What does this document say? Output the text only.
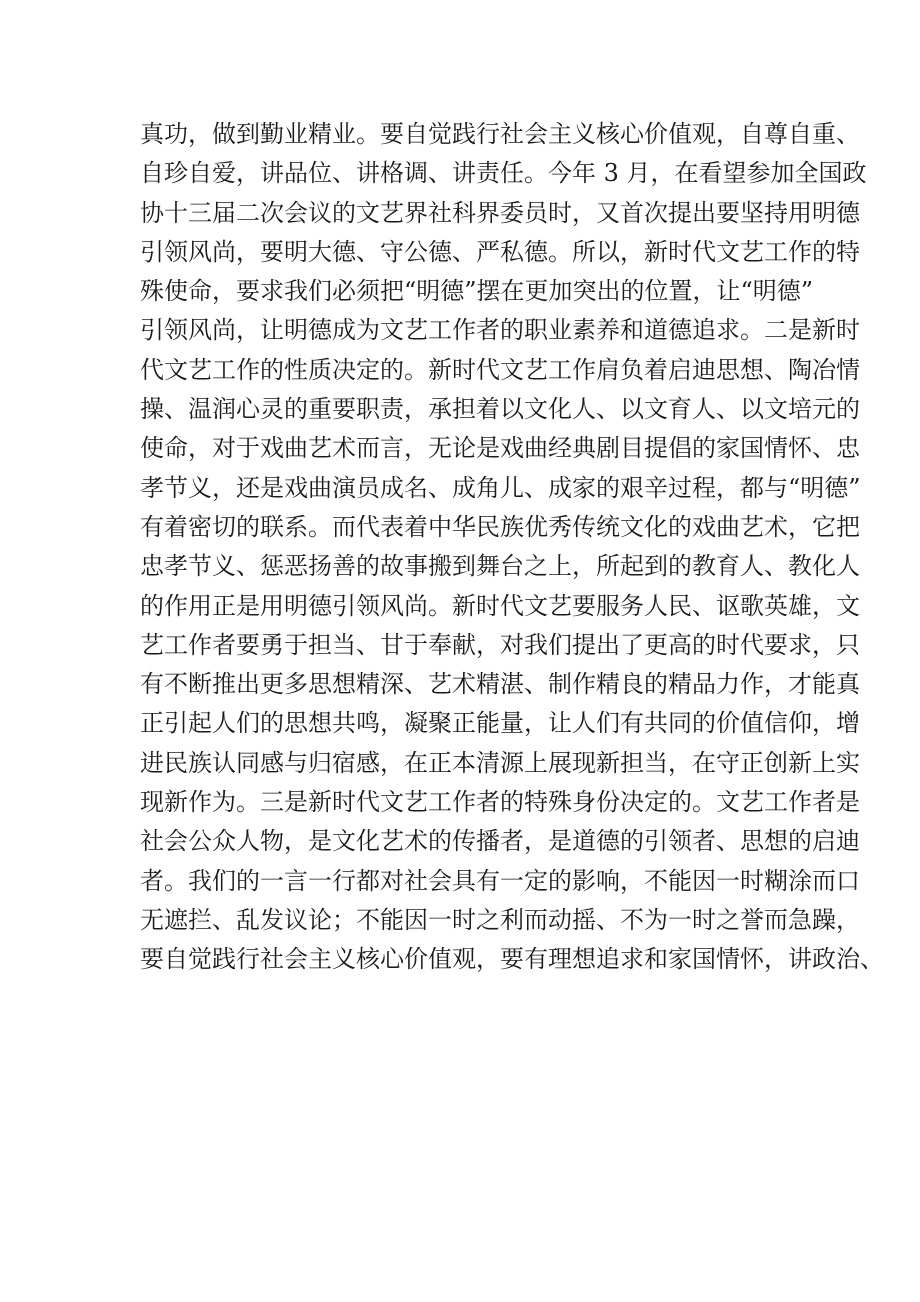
真功，做到勤业精业。要自觉践行社会主义核心价值观，自尊自重、
自珍自爱，讲品位、讲格调、讲责任。今年 3 月，在看望参加全国政
协十三届二次会议的文艺界社科界委员时，又首次提出要坚持用明德
引领风尚，要明大德、守公德、严私德。所以，新时代文艺工作的特
殊使命，要求我们必须把“明德”摆在更加突出的位置，让“明德”
引领风尚，让明德成为文艺工作者的职业素养和道德追求。二是新时
代文艺工作的性质决定的。新时代文艺工作肩负着启迪思想、陶冶情
操、温润心灵的重要职责，承担着以文化人、以文育人、以文培元的
使命，对于戏曲艺术而言，无论是戏曲经典剧目提倡的家国情怀、忠
孝节义，还是戏曲演员成名、成角儿、成家的艰辛过程，都与“明德”
有着密切的联系。而代表着中华民族优秀传统文化的戏曲艺术，它把
忠孝节义、惩恶扬善的故事搬到舞台之上，所起到的教育人、教化人
的作用正是用明德引领风尚。新时代文艺要服务人民、讴歌英雄，文
艺工作者要勇于担当、甘于奉献，对我们提出了更高的时代要求，只
有不断推出更多思想精深、艺术精湛、制作精良的精品力作，才能真
正引起人们的思想共鸣，凝聚正能量，让人们有共同的价值信仰，增
进民族认同感与归宿感，在正本清源上展现新担当，在守正创新上实
现新作为。三是新时代文艺工作者的特殊身份决定的。文艺工作者是
社会公众人物，是文化艺术的传播者，是道德的引领者、思想的启迪
者。我们的一言一行都对社会具有一定的影响，不能因一时糊涂而口
无遮拦、乱发议论；不能因一时之利而动摇、不为一时之誉而急躁，
要自觉践行社会主义核心价值观，要有理想追求和家国情怀，讲政治、
